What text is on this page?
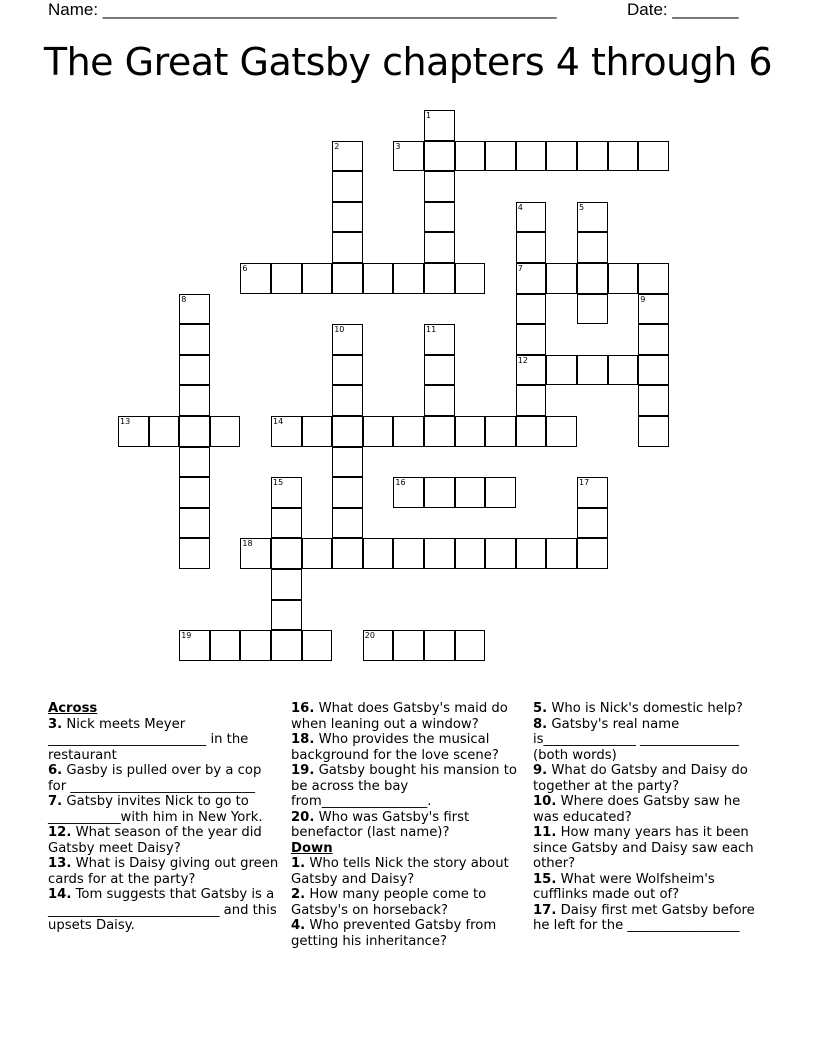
Name: ________________________________________________	Date: _______
The Great Gatsby chapters 4 through 6
1
2	3
4
7
12
5
6
8	9
10	11
13	14
15	16	17
18
19	20
Across
3. Nick meets Meyer ________________________ in the restaurant
6. Gasby is pulled over by a cop for ____________________________
7. Gatsby invites Nick to go to ___________with him in New York.
12. What season of the year did Gatsby meet Daisy?
13. What is Daisy giving out green cards for at the party?
14. Tom suggests that Gatsby is a __________________________ and this upsets Daisy.
16. What does Gatsby's maid do when leaning out a window?
18. Who provides the musical background for the love scene?
19. Gatsby bought his mansion to be across the bay from________________.
20. Who was Gatsby's first benefactor (last name)?
Down
1. Who tells Nick the story about Gatsby and Daisy?
2. How many people come to Gatsby's on horseback?
4. Who prevented Gatsby from getting his inheritance?
5. Who is Nick's domestic help?
8. Gatsby's real name is______________ _______________ (both words)
9. What do Gatsby and Daisy do together at the party?
10. Where does Gatsby saw he was educated?
11. How many years has it been since Gatsby and Daisy saw each other?
15. What were Wolfsheim's cufflinks made out of?
17. Daisy first met Gatsby before he left for the _________________
